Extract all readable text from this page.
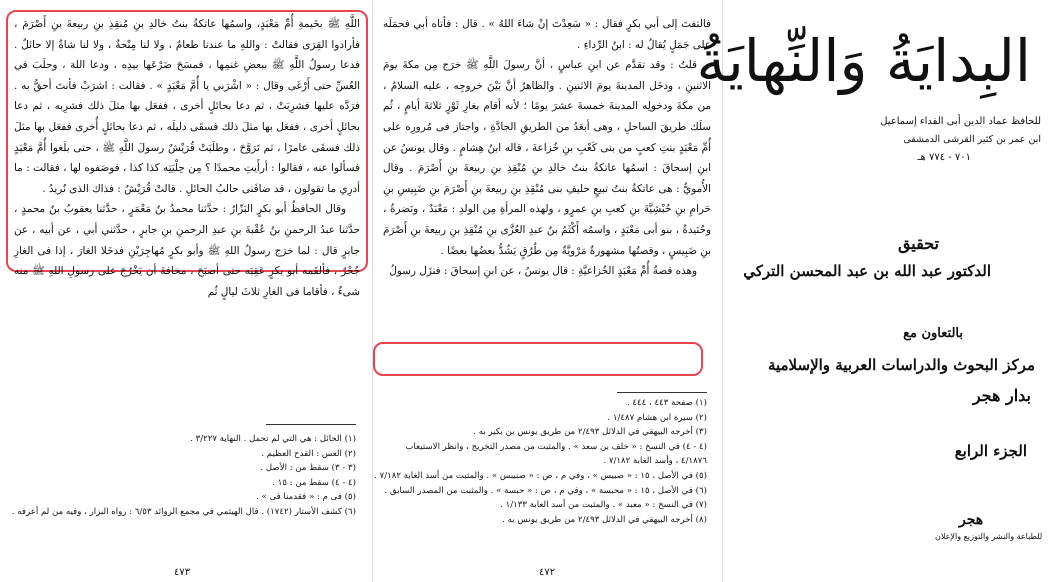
اللَّهِ ﷺ بخَيمةِ أُمِّ مَعْبَدٍ، واسمُها عاتكةُ بنتُ خالدِ بنِ مُنقِذِ بنِ ربيعةَ بنِ أَصْرَمَ ، فأرادوا القِرَى فقالتْ : واللهِ ما عندنا طعامٌ ، ولا لنا مِنْحةٌ ، ولا لنا شاةٌ إلا حائلٌ . فدعا رسولُ اللَّهِ ﷺ ببعضِ غنمِها ، فمسَحَ ضَرْعَها بيدِه ، ودعا اللهَ ، وحلَبَ في العُسِّ حتى أَرْغَى وقال : « اشْرَبي يا أُمَّ مَعْبَدٍ » . فقالت : اشرَبْ فأنتَ أحقُّ به . فرَدَّه عليها فشرِبَتْ ، ثم دعا بحائلٍ أخرى ، ففعَل بها مثلَ ذلك فشرِبه ، ثم دعا بحائلٍ أخرى ، ففعَل بها مثلَ ذلك فسقَى دليلَه ، ثم دعا بحائلٍ أُخرى ففعَل بها مثلَ ذلك فسقَى عامرًا ، ثم تَرَوَّحَ ، وطلَبَتْ قُرَيْشٌ رسولَ اللَّهِ ﷺ ، حتى بلَغوا أُمَّ مَعْبَدٍ فسألوا عنه ، فقالوا : أرأَيتِ محمدًا ؟ مِن حِلْيَتِه كذا كذا ، فوصَفوه لها ، فقالت : ما أدرِي ما تقولون ، قد ضافَنى حالبُ الحائلِ . قالتْ قُرَيْشٌ : فذاك الذى نُريدُ .

وقال الحافظُ أبو بكرٍ البَزّارُ : حدَّثنا محمدُ بنُ مَعْمَرٍ ، حدَّثنا يعقوبُ بنُ محمدٍ ، حدَّثنا عبدُ الرحمنِ بنُ عُقْبةَ بنِ عبدِ الرحمنِ بنِ جابرٍ ، حدَّثني أبي ، عن أبيه ، عن جابرٍ قال : لما خرَج رسولُ اللهِ ﷺ وأبو بكرٍ مُهاجِرَيْنِ فدخَلا الغارَ ، إذا فى الغارِ جُحْرٌ ، فألقَمه أبو بكرٍ عَقِبَه حتى أصبَحَ ، مخافةَ أن يَخْرُجَ على رسولِ اللهِ ﷺ منه شىءٌ ، فأقاما فى الغارِ ثلاثَ ليالٍ ثُم

(١) الحائل : هي التي لم تحمل . النهاية ٣/٢٢٧ .
(٢) العس : القدح العظيم .
(٣ - ٣) سقط من : الأصل .
(٤ - ٤) سقط من : ١٥ .
(٥) فى م : « فقدمنا فى » .
(٦) كشف الأستار (١٧٤٢) . قال الهيثمي في مجمع الزوائد ٦/٥٣ : رواه البزار ، وفيه من لم أعرفه .
٤٧٣

فالتفتَ إلى أبي بكرٍ فقال : « سَعِدْتَ إنْ شاءَ اللهُ » . قال : فأتاه أبي فحمَلَه على جَمَلٍ يُقالُ له : ابنُ الرِّداءِ .

قلتُ : وقد تقدَّم عن ابنِ عباسٍ ، أنَّ رسولَ اللَّهِ ﷺ خرَج مِن مكةَ يومَ الاثنينِ ، ودخَل المدينةَ يومَ الاثنينِ . والظاهرُ أنَّ بَيْنَ خروجِه ، عليه السلامُ ، من مكةَ ودخولِه المدينةَ خمسةَ عشرَ يومًا ؛ لأنه أقام بغارِ ثَوْرٍ ثلاثةَ أيامٍ ، ثُم سلَك طريقَ الساحلِ ، وهى أبعَدُ من الطريقِ الجادَّةِ ، واجتاز فى مُرورِه على أُمِّ مَعْبَدٍ بنتِ كعبٍ من بنى كَعْبِ بنِ خُزاعةَ ، قاله ابنُ هِشامٍ . وقال يونسُ عن ابنِ إسحاقَ : اسمُها عاتكةُ بنتُ خالدِ بنِ مُنْقِذِ بنِ ربيعةَ بنِ أَصْرَمَ . وقال الأُمويُّ : هى عاتكةُ بنتُ تبيعٍ حليفِ بنى مُنْقِذِ بنِ ربيعةَ بنِ أَصْرَمَ بنِ ضَبِيسِ بنِ حَرامِ بنِ حُبْشِيَّةَ بنِ كعبِ بنِ عمرٍو ، ولهذه المرأةِ مِن الولدِ : مَعْبَدٌ ، ونَضرةُ ، وحُنَيدةُ ، بنو أبى مَعْبَدٍ ، واسمُه أَكْثَمُ بنُ عبدِ العُزَّى بنِ مُنْقِذِ بنِ ربيعةَ بنِ أَصْرَمَ بنِ ضَبِيسٍ ، وقصتُها مشهورةٌ مَرْويَّةٌ مِن طُرُقٍ يَشُدُّ بعضُها بعضًا .

وهذه قصةُ أُمِّ مَعْبَدٍ الخُزاعيَّةِ : قال يونسُ ، عن ابنِ إسحاقَ : فنزَل رسولُ

(١) صفحة ٤٤٣ ، ٤٤٤ .
(٢) سيرة ابن هشام ١/٤٨٧ .
(٣) أخرجه البيهقي في الدلائل ٢/٤٩٣ من طريق يونس بن بكير به .
(٤ - ٤) في النسخ : « خلف بن سعد » . والمثبت من مصدر التخريج ، وانظر الاستيعاب ٤/١٨٧٦ ، وأسد الغابة ٧/١٨٢ .
(٥) في الأصل ، ١٥ : « صبيس » ، وفي م ، ص : « صنيبس » . والمثبت من أسد الغابة ٧/١٨٢ .
(٦) في الأصل ، ١٥ : « محبسة » ، وفي م ، ص : « حبسة » . والمثبت من المصدر السابق .
(٧) في النسخ : « معبد » . والمثبت من أسد الغابة ١/١٣٣ .
(٨) أخرجه البيهقي في الدلائل ٢/٤٩٣ من طريق يونس به .
٤٧٢
البِدايَةُ وَالنِّهايَةُ
للحافظ عماد الدين أبى الفداء إسماعيل
ابن عمر بن كثير القرشى الدمشقى
٧٠١ - ٧٧٤ هـ
تحقيق
الدكتور عبد الله بن عبد المحسن التركي
بالتعاون مع
مركز البحوث والدراسات العربية والإسلامية
بدار هجر
الجزء الرابع
هجر
للطباعة والنشر والتوزيع والإعلان
